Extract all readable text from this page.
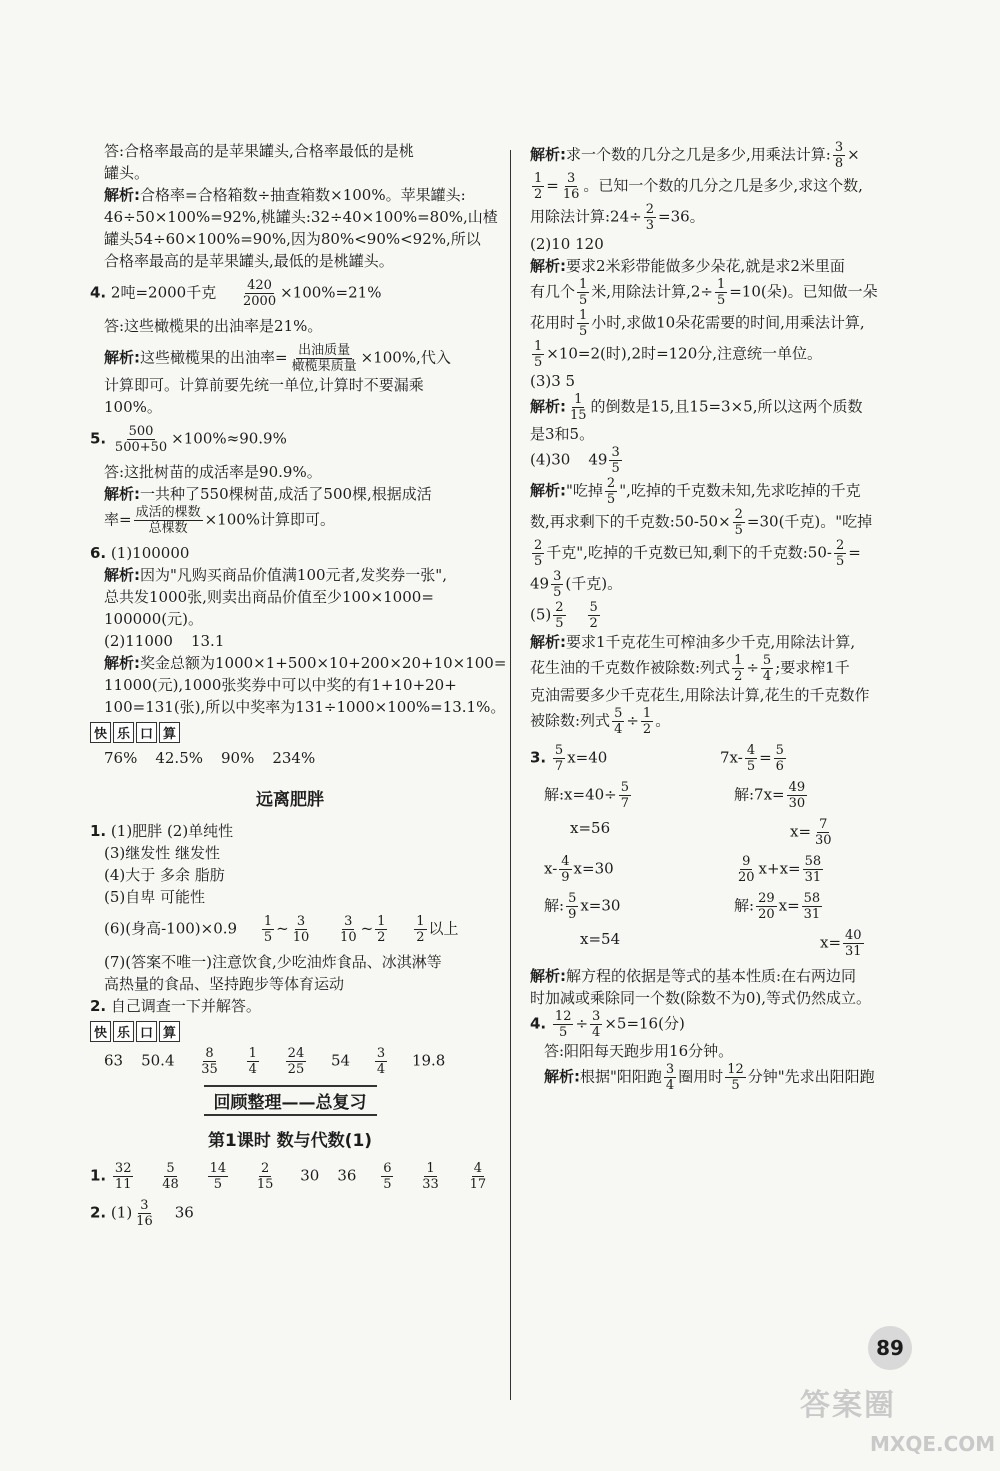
答:合格率最高的是苹果罐头,合格率最低的是桃
罐头。
解析:合格率=合格箱数÷抽查箱数×100%。苹果罐头:
46÷50×100%=92%,桃罐头:32÷40×100%=80%,山楂
罐头54÷60×100%=90%,因为80%<90%<92%,所以
合格率最高的是苹果罐头,最低的是桃罐头。
4. 2吨=2000千克 $\frac{420}{2000} \times 100\%=21\%$
答:这些橄榄果的出油率是21%。
解析:这些橄榄果的出油率= $\frac{\text{出油质量}}{\text{橄榄果质量}} \times 100\%$,代入
计算即可。计算前要先统一单位,计算时不要漏乘
100%。
5. $\frac{500}{500+50} \times 100\%\approx 90.9\%$
答:这批树苗的成活率是90.9%。
解析:一共种了550棵树苗,成活了500棵,根据成活
率= $\frac{\text{成活的棵数}}{\text{总棵数}} \times 100\%$计算即可。
6. (1)100000
解析:因为"凡购买商品价值满100元者,发奖券一张",
总共发1000张,则卖出商品价值至少100×1000=
100000(元)。
(2)11000 13.1
解析:奖金总额为1000×1+500×10+200×20+10×100=
11000(元),1000张奖券中可以中奖的有1+10+20+
100=131(张),所以中奖率为131÷1000×100%=13.1%。
快 乐 口 算
76% 42.5% 90% 234%
远离肥胖
1. (1)肥胖 (2)单纯性
(3)继发性 继发性
(4)大于 多余 脂肪
(5)自卑 可能性
(6)(身高$-100)\times 0.9 \frac{1}{5}$ ~ $\frac{3}{10}$
$\frac{3}{10}$ ~ $\frac{1}{2}$
$\frac{1}{2}$ 以上
(7)(答案不唯一)注意饮食,少吃油炸食品、冰淇淋等
高热量的食品、坚持跑步等体育运动
2. 自己调查一下并解答。
快 乐 口 算
63 $50.4 \frac{8}{35}$
$\frac{1}{4}$
$\frac{24}{25} 54 \frac{3}{4} 19.8$
回顾整理——总复习
第1课时 数与代数(1)
1. $\frac{32}{11}$
$\frac{5}{48}$
$\frac{14}{5}$
$\frac{2}{15} 30$ $36 \frac{6}{5}$
$\frac{1}{33}$
$\frac{4}{17}$
2. $(1) \frac{3}{16} 36$
解析:求一个数的几分之几是多少,用乘法计算: $\frac{3}{8}$ ×
$\frac{1}{2} = \frac{3}{16}$ 。已知一个数的几分之几是多少,求这个数,
用除法计算:24÷ $\frac{2}{3} =36$。
(2)10 120
解析:要求2米彩带能做多少朵花,就是求2米里面
有几个 $\frac{1}{5}$ 米,用除法计算$,2\div \frac{1}{5} =10$(朵)。已知做一朵
花用时 $\frac{1}{5}$ 小时,求做10朵花需要的时间,用乘法计算,
$\frac{1}{5} \times 10=2$(时),2时=120分,注意统一单位。
(3)3 5
解析: $\frac{1}{15}$ 的倒数是15,且15=3×5,所以这两个质数
是3和5。
(4)30 $49 \frac{3}{5}$
解析:"吃掉 $\frac{2}{5}$ ",吃掉的千克数未知,先求吃掉的千克
数,再求剩下的千克数:50-50× $\frac{2}{5} =30$(千克)。"吃掉
$\frac{2}{5}$ 千克",吃掉的千克数已知,剩下的千克数:50- $\frac{2}{5}$ =
$49 \frac{3}{5}$ (千克)。
$(5) \frac{2}{5} \frac{5}{2}$
解析:要求1千克花生可榨油多少千克,用除法计算,
花生油的千克数作被除数:列式 $\frac{1}{2} \div \frac{5}{4}$ ;要求榨1千
克油需要多少千克花生,用除法计算,花生的千克数作
被除数:列式 $\frac{5}{4} \div \frac{1}{2}$ 。
3. $\frac{5}{7} x=40$	$7x- \frac{4}{5} = \frac{5}{6}$
解:x=40÷ $\frac{5}{7}$	解:7x= $\frac{49}{30}$
x=56	$x= \frac{7}{30}$
$x- \frac{4}{9} x=30$	$\frac{9}{20} x+x= \frac{58}{31}$
解: $\frac{5}{9} x=30$	解: $\frac{29}{20} x= \frac{58}{31}$
x=54	$x= \frac{40}{31}$
解析:解方程的依据是等式的基本性质:在右两边同
时加减或乘除同一个数(除数不为0),等式仍然成立。
4. $\frac{12}{5} \div \frac{3}{4} \times 5=16$(分)
答:阳阳每天跑步用16分钟。
解析:根据"阳阳跑 $\frac{3}{4}$ 圈用时 $\frac{12}{5}$ 分钟"先求出阳阳跑
89
答案圈
MXQE.COM
